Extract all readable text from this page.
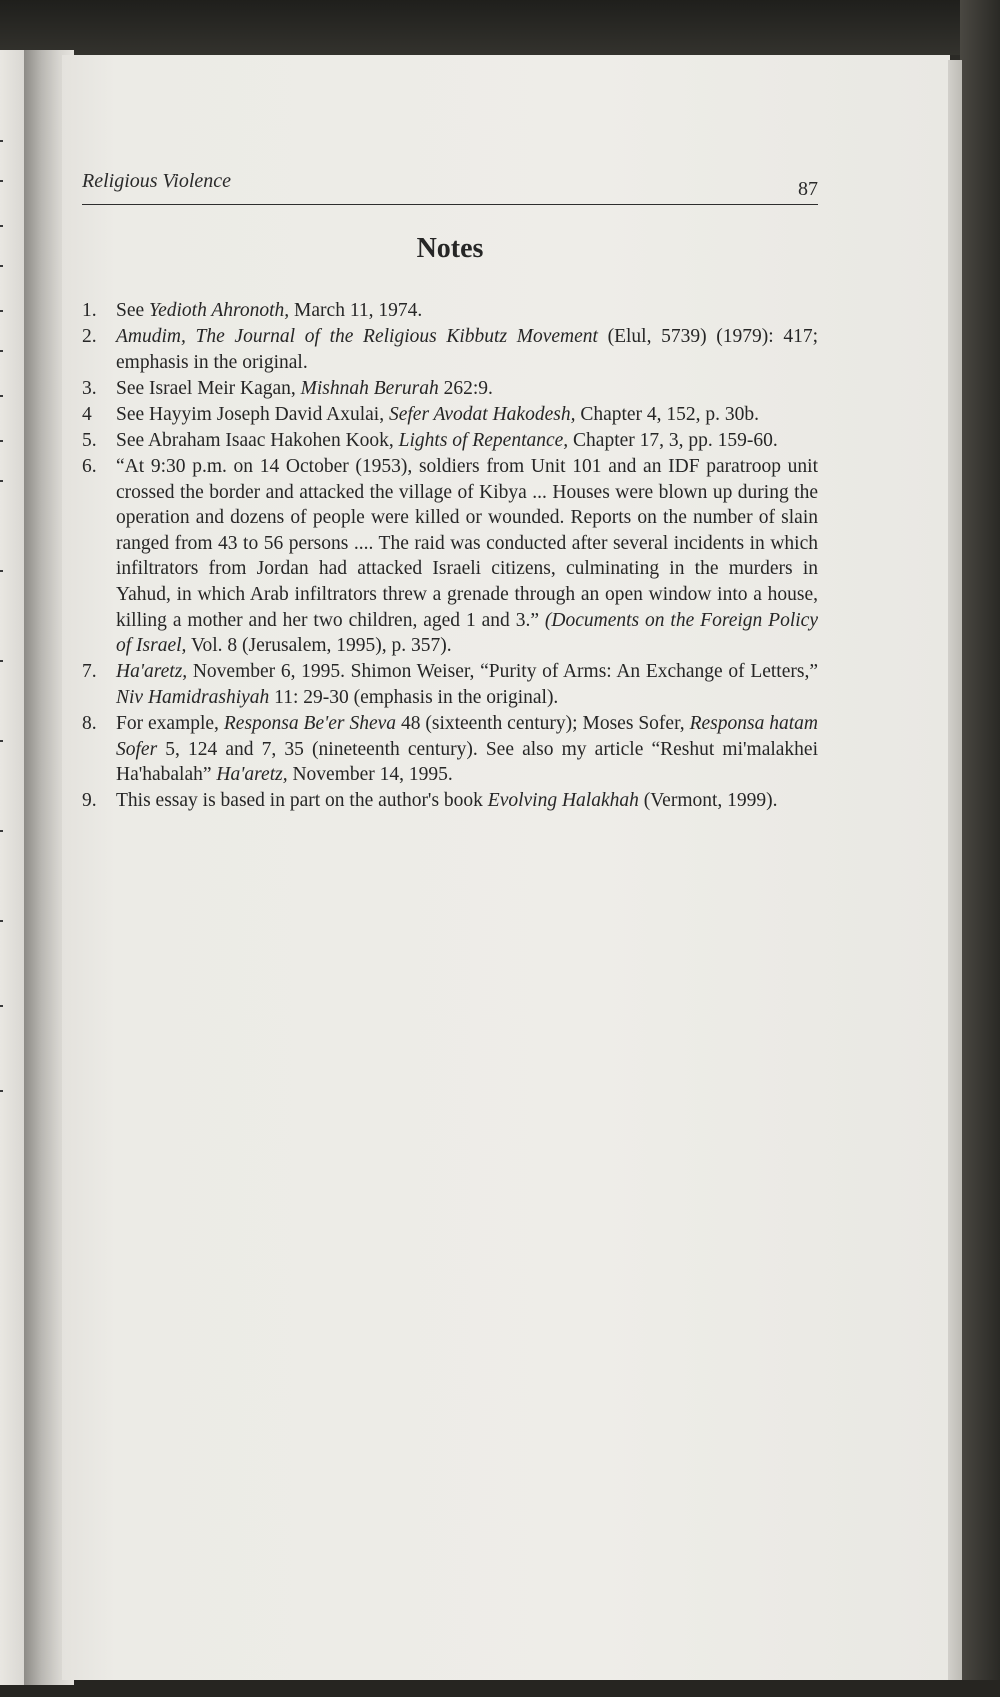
Religious Violence	87
Notes
1. See Yedioth Ahronoth, March 11, 1974.
2. Amudim, The Journal of the Religious Kibbutz Movement (Elul, 5739) (1979): 417; emphasis in the original.
3. See Israel Meir Kagan, Mishnah Berurah 262:9.
4	See Hayyim Joseph David Axulai, Sefer Avodat Hakodesh, Chapter 4, 152, p. 30b.
5. See Abraham Isaac Hakohen Kook, Lights of Repentance, Chapter 17, 3, pp. 159-60.
6. “At 9:30 p.m. on 14 October (1953), soldiers from Unit 101 and an IDF paratroop unit crossed the border and attacked the village of Kibya ... Houses were blown up during the operation and dozens of people were killed or wounded. Reports on the number of slain ranged from 43 to 56 persons .... The raid was conducted after several incidents in which infiltrators from Jordan had attacked Israeli citizens, culminating in the murders in Yahud, in which Arab infiltrators threw a grenade through an open window into a house, killing a mother and her two children, aged 1 and 3.” (Documents on the Foreign Policy of Israel, Vol. 8 (Jerusalem, 1995), p. 357).
7. Ha'aretz, November 6, 1995. Shimon Weiser, “Purity of Arms: An Exchange of Letters,” Niv Hamidrashiyah 11: 29-30 (emphasis in the original).
8. For example, Responsa Be'er Sheva 48 (sixteenth century); Moses Sofer, Responsa hatam Sofer 5, 124 and 7, 35 (nineteenth century). See also my article “Reshut mi'malakhei Ha'habalah” Ha'aretz, November 14, 1995.
9. This essay is based in part on the author's book Evolving Halakhah (Vermont, 1999).
